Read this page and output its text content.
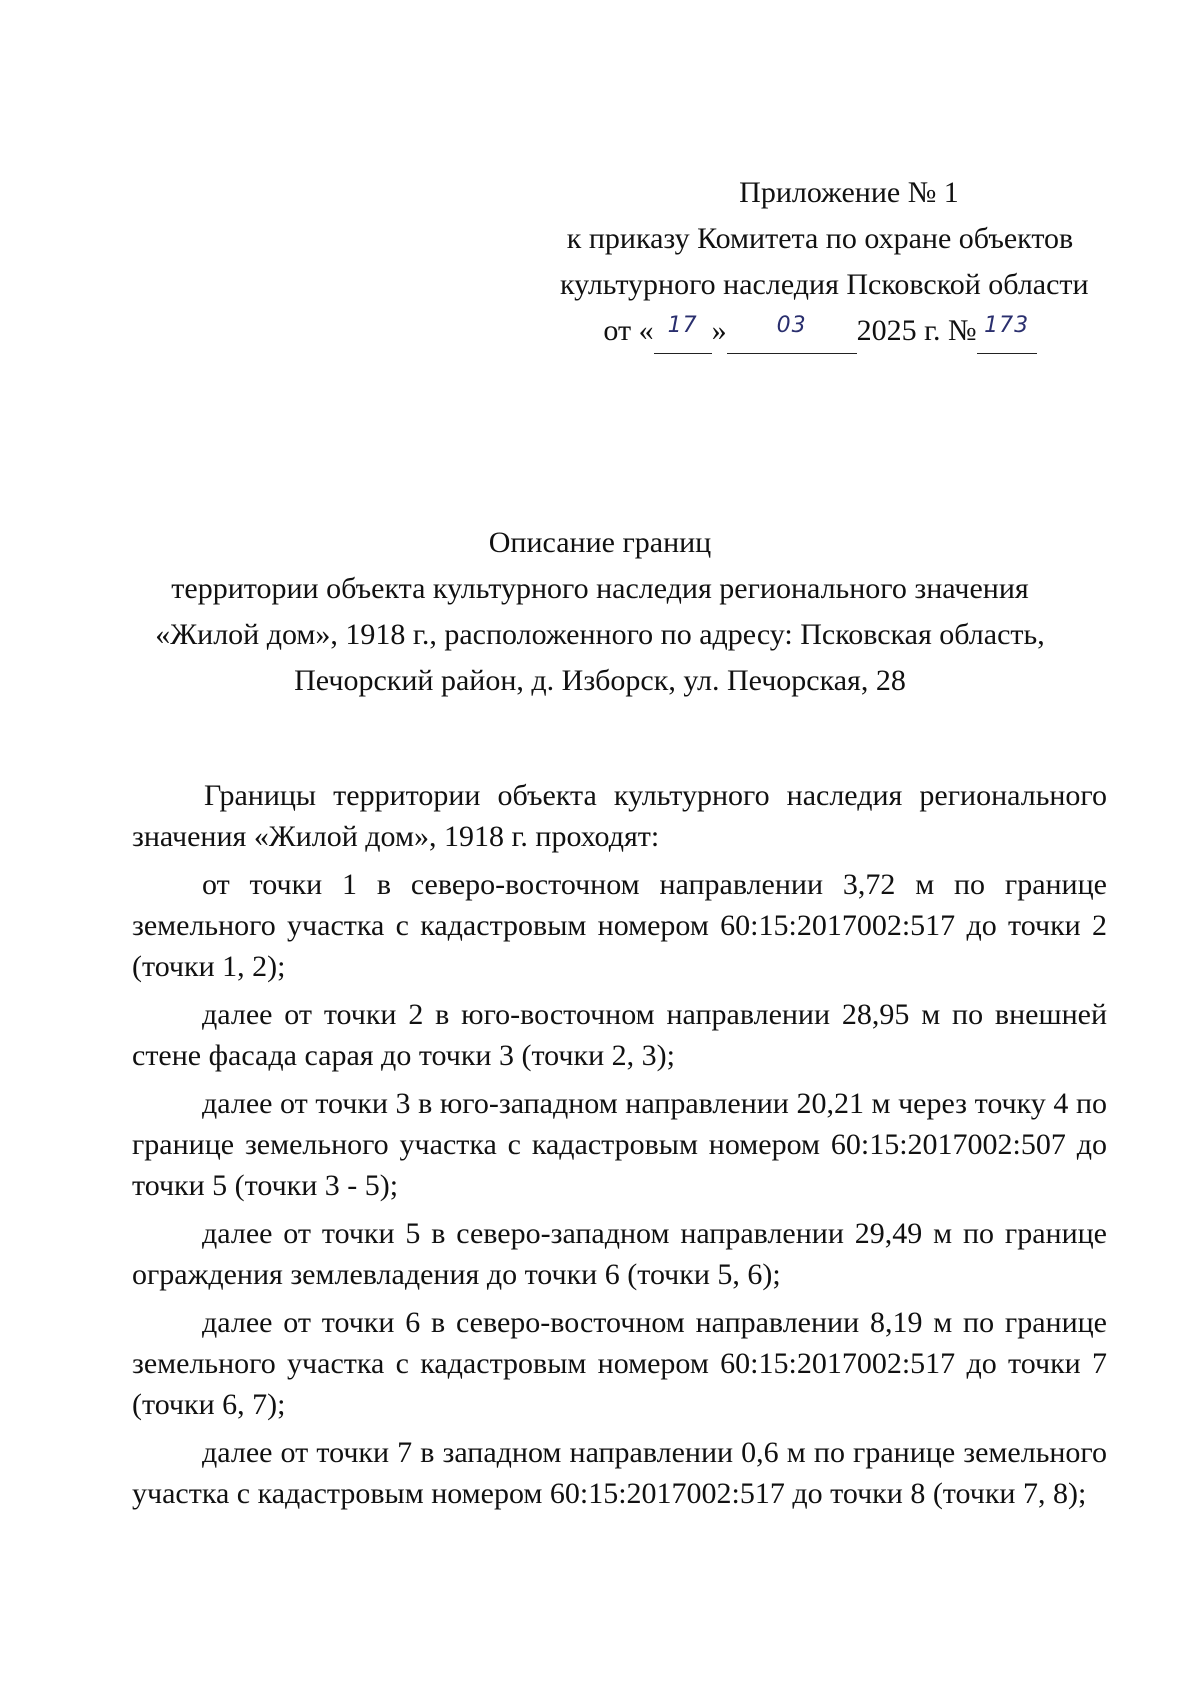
Приложение № 1
к приказу Комитета по охране объектов
культурного наследия Псковской области
от « 17 »	03	2025 г. № 173
Описание границ
территории объекта культурного наследия регионального значения
«Жилой дом», 1918 г., расположенного по адресу: Псковская область,
Печорский район, д. Изборск, ул. Печорская, 28

Границы территории объекта культурного наследия регионального значения «Жилой дом», 1918 г. проходят:

от точки 1 в северо-восточном направлении 3,72 м по границе земельного участка с кадастровым номером 60:15:2017002:517 до точки 2 (точки 1, 2);

далее от точки 2 в юго-восточном направлении 28,95 м по внешней стене фасада сарая до точки 3 (точки 2, 3);

далее от точки 3 в юго-западном направлении 20,21 м через точку 4 по границе земельного участка с кадастровым номером 60:15:2017002:507 до точки 5 (точки 3 - 5);

далее от точки 5 в северо-западном направлении 29,49 м по границе ограждения землевладения до точки 6 (точки 5, 6);

далее от точки 6 в северо-восточном направлении 8,19 м по границе земельного участка с кадастровым номером 60:15:2017002:517 до точки 7 (точки 6, 7);

далее от точки 7 в западном направлении 0,6 м по границе земельного участка с кадастровым номером 60:15:2017002:517 до точки 8 (точки 7, 8);
